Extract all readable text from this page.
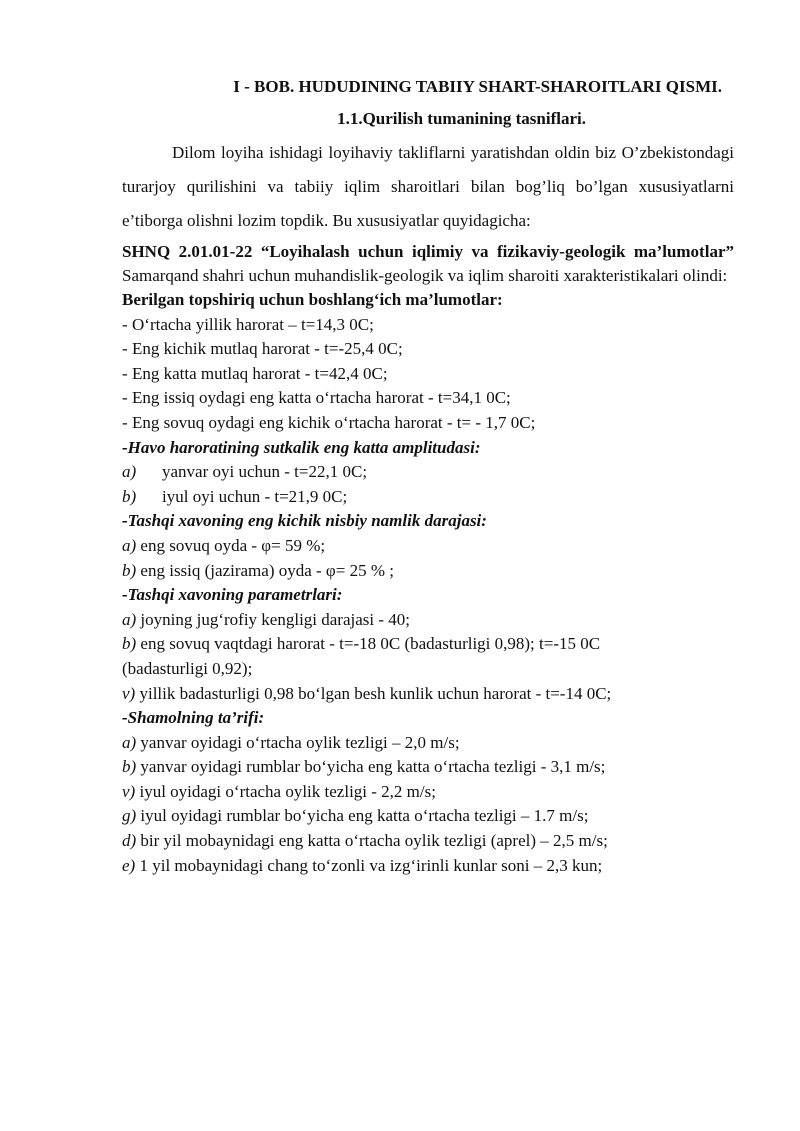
I - BOB. HUDUDINING TABIIY SHART-SHAROITLARI QISMI.

1.1.Qurilish tumanining tasniflari.

Dilom loyiha ishidagi loyihaviy takliflarni yaratishdan oldin biz O’zbekistondagi turarjoy qurilishini va tabiiy iqlim sharoitlari bilan bog’liq bo’lgan xususiyatlarni e’tiborga olishni lozim topdik. Bu xususiyatlar quyidagicha:

SHNQ 2.01.01-22 “Loyihalash uchun iqlimiy va fizikaviy-geologik ma’lumotlar” Samarqand shahri uchun muhandislik-geologik va iqlim sharoiti xarakteristikalari olindi:

Berilgan topshiriq uchun boshlang‘ich ma’lumotlar:

- O‘rtacha yillik harorat – t=14,3 0C;

- Eng kichik mutlaq harorat - t=-25,4 0C;

- Eng katta mutlaq harorat - t=42,4 0C;

- Eng issiq oydagi eng katta o‘rtacha harorat - t=34,1 0C;

- Eng sovuq oydagi eng kichik o‘rtacha harorat - t= - 1,7 0C;

-Havo haroratining sutkalik eng katta amplitudasi:

a) yanvar oyi uchun - t=22,1 0C;

b) iyul oyi uchun - t=21,9 0C;

-Tashqi xavoning eng kichik nisbiy namlik darajasi:

a) eng sovuq oyda - φ= 59 %;

b) eng issiq (jazirama) oyda - φ= 25 % ;

-Tashqi xavoning parametrlari:

a) joyning jug‘rofiy kengligi darajasi - 40;

b) eng sovuq vaqtdagi harorat - t=-18 0C (badasturligi 0,98); t=-15 0C

(badasturligi 0,92);

v) yillik badasturligi 0,98 bo‘lgan besh kunlik uchun harorat - t=-14 0C;

-Shamolning ta’rifi:

a) yanvar oyidagi o‘rtacha oylik tezligi – 2,0 m/s;

b) yanvar oyidagi rumblar bo‘yicha eng katta o‘rtacha tezligi - 3,1 m/s;

v) iyul oyidagi o‘rtacha oylik tezligi - 2,2 m/s;

g) iyul oyidagi rumblar bo‘yicha eng katta o‘rtacha tezligi – 1.7 m/s;

d) bir yil mobaynidagi eng katta o‘rtacha oylik tezligi (aprel) – 2,5 m/s;

e) 1 yil mobaynidagi chang to‘zonli va izg‘irinli kunlar soni – 2,3 kun;
